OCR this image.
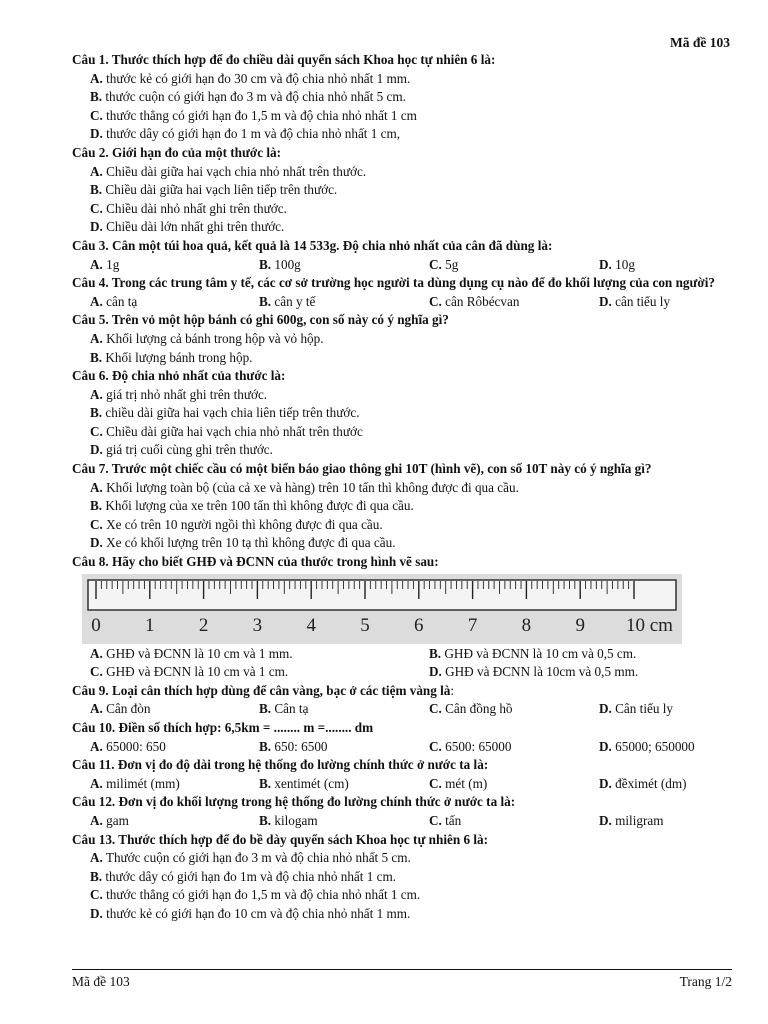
Mã đề 103
Câu 1. Thước thích hợp để đo chiều dài quyển sách Khoa học tự nhiên 6 là:
A. thước kẻ có giới hạn đo 30 cm và độ chia nhỏ nhất 1 mm.
B. thước cuộn có giới hạn đo 3 m và độ chia nhỏ nhất 5 cm.
C. thước thẳng có giới hạn đo 1,5 m và độ chia nhỏ nhất 1 cm
D. thước dây có giới hạn đo 1 m và độ chia nhỏ nhất 1 cm,
Câu 2. Giới hạn đo của một thước là:
A. Chiều dài giữa hai vạch chia nhỏ nhất trên thước.
B. Chiều dài giữa hai vạch liên tiếp trên thước.
C. Chiều dài nhỏ nhất ghi trên thước.
D. Chiều dài lớn nhất ghi trên thước.
Câu 3. Cân một túi hoa quả, kết quả là 14 533g. Độ chia nhỏ nhất của cân đã dùng là:
A. 1g	B. 100g	C. 5g	D. 10g
Câu 4. Trong các trung tâm y tế, các cơ sở trường học người ta dùng dụng cụ nào để đo khối lượng của con người?
A. cân tạ	B. cân y tế	C. cân Rôbécvan	D. cân tiểu ly
Câu 5. Trên vỏ một hộp bánh có ghi 600g, con số này có ý nghĩa gì?
A. Khối lượng cả bánh trong hộp và vỏ hộp.
B. Khối lượng bánh trong hộp.
Câu 6. Độ chia nhỏ nhất của thước là:
A. giá trị nhỏ nhất ghi trên thước.
B. chiều dài giữa hai vạch chia liên tiếp trên thước.
C. Chiều dài giữa hai vạch chia nhỏ nhất trên thước
D. giá trị cuối cùng ghi trên thước.
Câu 7. Trước một chiếc cầu có một biển báo giao thông ghi 10T (hình vẽ), con số 10T này có ý nghĩa gì?
A. Khối lượng toàn bộ (của cả xe và hàng) trên 10 tấn thì không được đi qua cầu.
B. Khối lượng của xe trên 100 tấn thì không được đi qua cầu.
C. Xe có trên 10 người ngồi thì không được đi qua cầu.
D. Xe có khối lượng trên 10 tạ thì không được đi qua cầu.
Câu 8. Hãy cho biết GHĐ và ĐCNN của thước trong hình vẽ sau:
0 1 2 3 4 5 6 7 8 9 10 cm
A. GHĐ và ĐCNN là 10 cm và 1 mm.	B. GHĐ và ĐCNN là 10 cm và 0,5 cm.
C. GHĐ và ĐCNN là 10 cm và 1 cm.	D. GHĐ và ĐCNN là 10cm và 0,5 mm.
Câu 9. Loại cân thích hợp dùng để cân vàng, bạc ở các tiệm vàng là:
A. Cân đòn	B. Cân tạ	C. Cân đồng hồ	D. Cân tiểu ly
Câu 10. Điền số thích hợp: 6,5km = ........ m =........ dm
A. 65000: 650	B. 650: 6500	C. 6500: 65000	D. 65000; 650000
Câu 11. Đơn vị đo độ dài trong hệ thống đo lường chính thức ở nước ta là:
A. milimét (mm)	B. xentimét (cm)	C. mét (m)	D. đềximét (dm)
Câu 12. Đơn vị đo khối lượng trong hệ thống đo lường chính thức ở nước ta là:
A. gam	B. kilogam	C. tấn	D. miligram
Câu 13. Thước thích hợp để đo bề dày quyển sách Khoa học tự nhiên 6 là:
A. Thước cuộn có giới hạn đo 3 m và độ chia nhỏ nhất 5 cm.
B. thước dây có giới hạn đo 1m và độ chia nhỏ nhất 1 cm.
C. thước thẳng có giới hạn đo 1,5 m và độ chia nhỏ nhất 1 cm.
D. thước kẻ có giới hạn đo 10 cm và độ chia nhỏ nhất 1 mm.
Mã đề 103	Trang 1/2
